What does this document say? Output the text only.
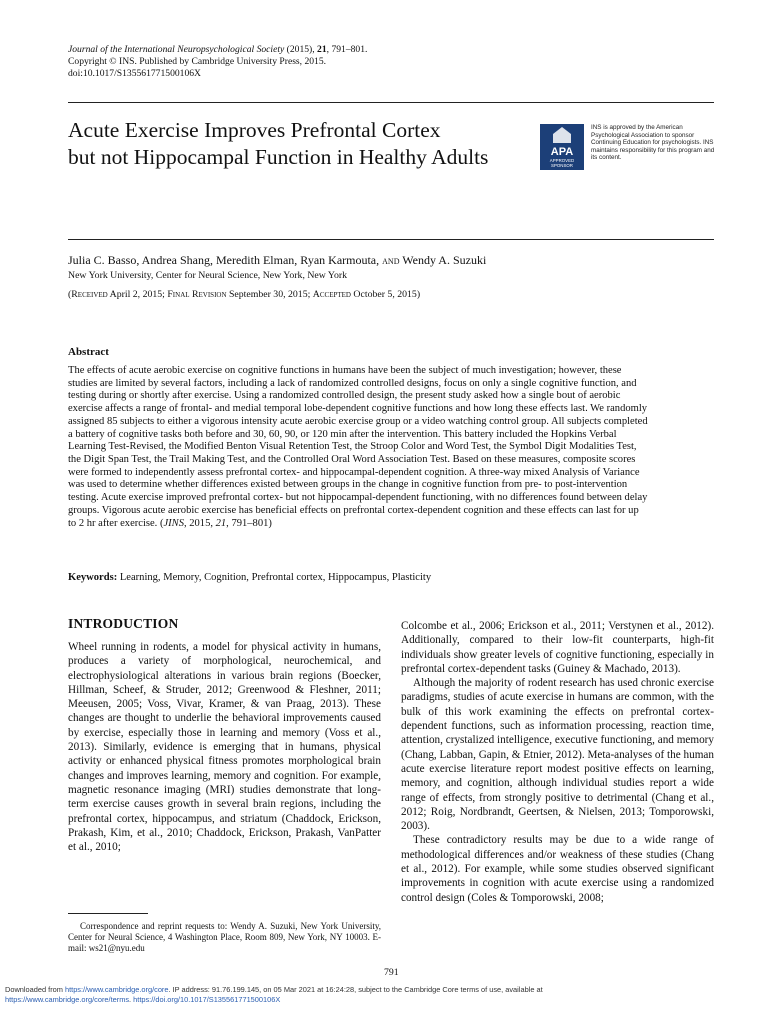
Journal of the International Neuropsychological Society (2015), 21, 791–801.
Copyright © INS. Published by Cambridge University Press, 2015.
doi:10.1017/S135561771500106X
Acute Exercise Improves Prefrontal Cortex
but not Hippocampal Function in Healthy Adults	APA
APPROVED
SPONSOR
INS is approved by the American Psychological Association to sponsor Continuing Education for psychologists. INS maintains responsibility for this program and its content.
Julia C. Basso, Andrea Shang, Meredith Elman, Ryan Karmouta, and Wendy A. Suzuki
New York University, Center for Neural Science, New York, New York
(Received April 2, 2015; Final Revision September 30, 2015; Accepted October 5, 2015)
Abstract
The effects of acute aerobic exercise on cognitive functions in humans have been the subject of much investigation; however, these studies are limited by several factors, including a lack of randomized controlled designs, focus on only a single cognitive function, and testing during or shortly after exercise. Using a randomized controlled design, the present study asked how a single bout of aerobic exercise affects a range of frontal- and medial temporal lobe-dependent cognitive functions and how long these effects last. We randomly assigned 85 subjects to either a vigorous intensity acute aerobic exercise group or a video watching control group. All subjects completed a battery of cognitive tasks both before and 30, 60, 90, or 120 min after the intervention. This battery included the Hopkins Verbal Learning Test-Revised, the Modified Benton Visual Retention Test, the Stroop Color and Word Test, the Symbol Digit Modalities Test, the Digit Span Test, the Trail Making Test, and the Controlled Oral Word Association Test. Based on these measures, composite scores were formed to independently assess prefrontal cortex- and hippocampal-dependent cognition. A three-way mixed Analysis of Variance was used to determine whether differences existed between groups in the change in cognitive function from pre- to post-intervention testing. Acute exercise improved prefrontal cortex- but not hippocampal-dependent functioning, with no differences found between delay groups. Vigorous acute aerobic exercise has beneficial effects on prefrontal cortex-dependent cognition and these effects can last for up to 2 hr after exercise. (JINS, 2015, 21, 791–801)
Keywords: Learning, Memory, Cognition, Prefrontal cortex, Hippocampus, Plasticity
INTRODUCTION

Wheel running in rodents, a model for physical activity in humans, produces a variety of morphological, neurochemical, and electrophysiological alterations in various brain regions (Boecker, Hillman, Scheef, & Struder, 2012; Greenwood & Fleshner, 2011; Meeusen, 2005; Voss, Vivar, Kramer, & van Praag, 2013). These changes are thought to underlie the behavioral improvements caused by exercise, especially those in learning and memory (Voss et al., 2013). Similarly, evidence is emerging that in humans, physical activity or enhanced physical fitness promotes morphological brain changes and improves learning, memory and cognition. For example, magnetic resonance imaging (MRI) studies demonstrate that long-term exercise causes growth in several brain regions, including the prefrontal cortex, hippocampus, and striatum (Chaddock, Erickson, Prakash, Kim, et al., 2010; Chaddock, Erickson, Prakash, VanPatter et al., 2010;

Colcombe et al., 2006; Erickson et al., 2011; Verstynen et al., 2012). Additionally, compared to their low-fit counterparts, high-fit individuals show greater levels of cognitive functioning, especially in prefrontal cortex-dependent tasks (Guiney & Machado, 2013).

Although the majority of rodent research has used chronic exercise paradigms, studies of acute exercise in humans are common, with the bulk of this work examining the effects on prefrontal cortex-dependent functions, such as information processing, reaction time, attention, crystalized intelligence, executive functioning, and memory (Chang, Labban, Gapin, & Etnier, 2012). Meta-analyses of the human acute exercise literature report modest positive effects on learning, memory, and cognition, although individual studies report a wide range of effects, from strongly positive to detrimental (Chang et al., 2012; Roig, Nordbrandt, Geertsen, & Nielsen, 2013; Tomporowski, 2003).

These contradictory results may be due to a wide range of methodological differences and/or weakness of these studies (Chang et al., 2012). For example, while some studies observed significant improvements in cognition with acute exercise using a randomized control design (Coles & Tomporowski, 2008;

Correspondence and reprint requests to: Wendy A. Suzuki, New York University, Center for Neural Science, 4 Washington Place, Room 809, New York, NY 10003. E-mail: ws21@nyu.edu
791
Downloaded from https://www.cambridge.org/core. IP address: 91.76.199.145, on 05 Mar 2021 at 16:24:28, subject to the Cambridge Core terms of use, available at
https://www.cambridge.org/core/terms. https://doi.org/10.1017/S135561771500106X
